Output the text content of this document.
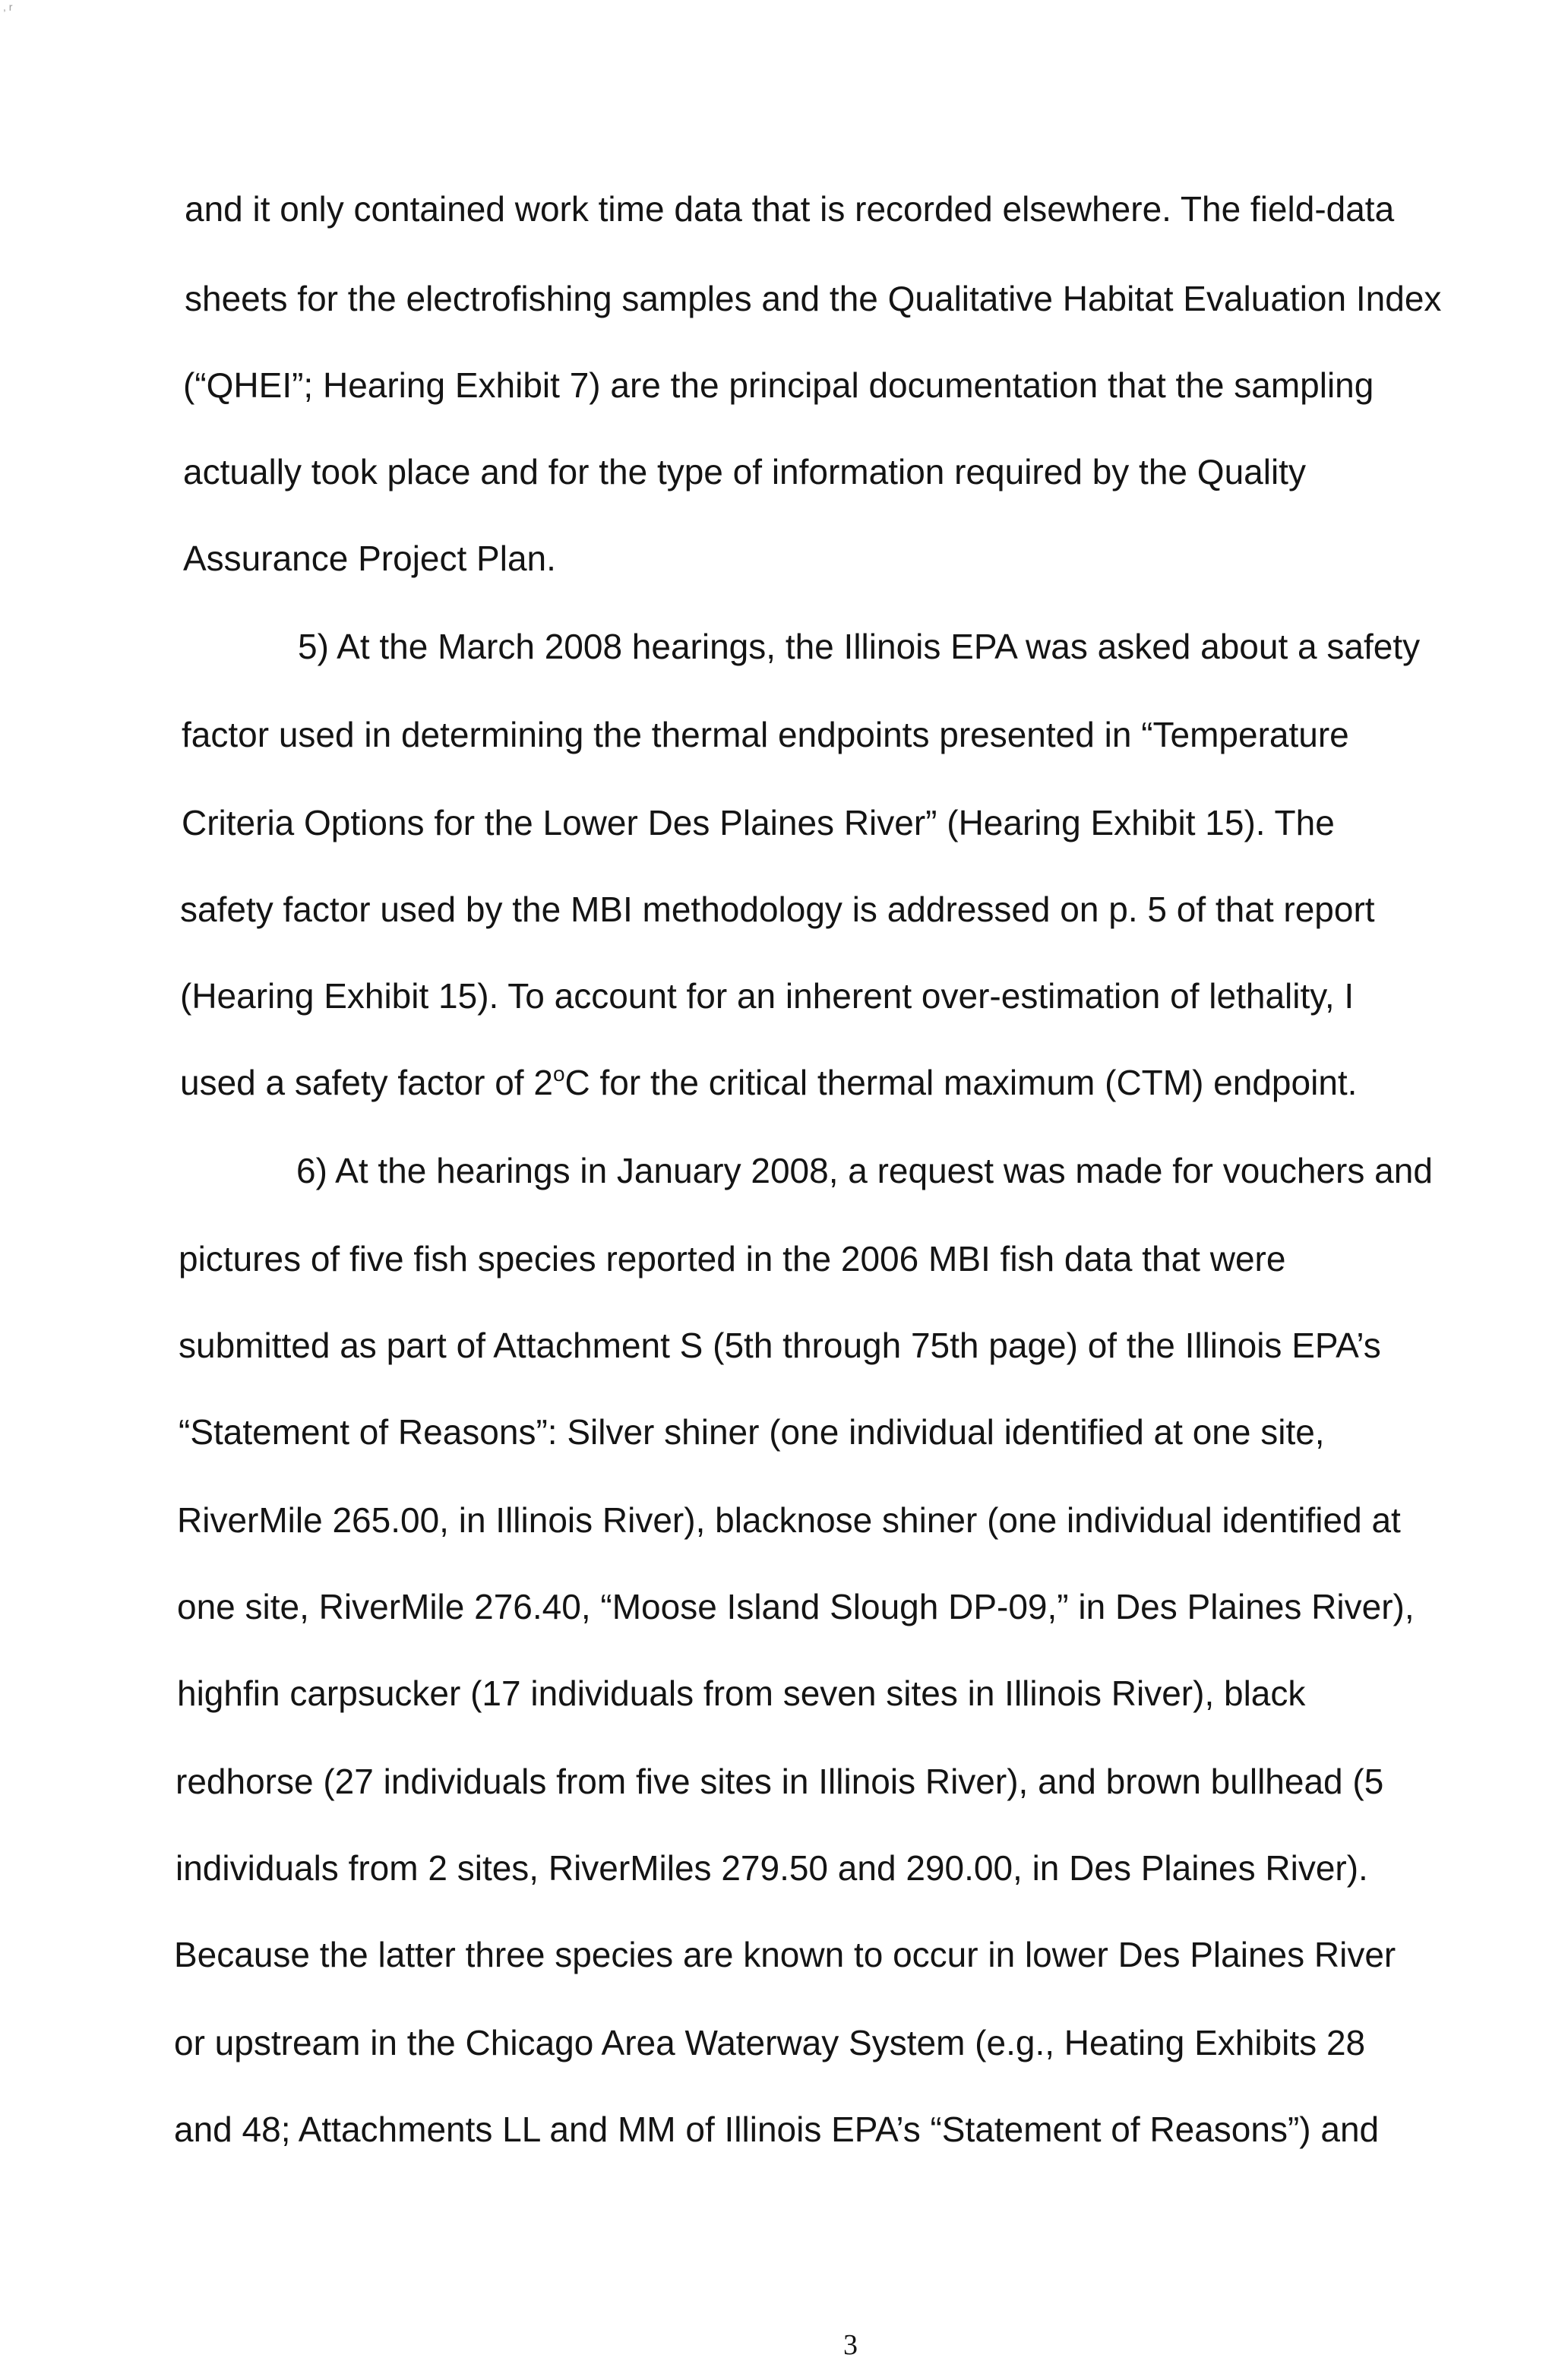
, r
and it only contained work time data that is recorded elsewhere. The field-data
sheets for the electrofishing samples and the Qualitative Habitat Evaluation Index
(“QHEI”; Hearing Exhibit 7) are the principal documentation that the sampling
actually took place and for the type of information required by the Quality
Assurance Project Plan.
5) At the March 2008 hearings, the Illinois EPA was asked about a safety
factor used in determining the thermal endpoints presented in “Temperature
Criteria Options for the Lower Des Plaines River” (Hearing Exhibit 15). The
safety factor used by the MBI methodology is addressed on p. 5 of that report
(Hearing Exhibit 15). To account for an inherent over-estimation of lethality, I
used a safety factor of 2$^o$C for the critical thermal maximum (CTM) endpoint.
6) At the hearings in January 2008, a request was made for vouchers and
pictures of five fish species reported in the 2006 MBI fish data that were
submitted as part of Attachment S (5th through 75th page) of the Illinois EPA’s
“Statement of Reasons”: Silver shiner (one individual identified at one site,
RiverMile 265.00, in Illinois River), blacknose shiner (one individual identified at
one site, RiverMile 276.40, “Moose Island Slough DP-09,” in Des Plaines River),
highfin carpsucker (17 individuals from seven sites in Illinois River), black
redhorse (27 individuals from five sites in Illinois River), and brown bullhead (5
individuals from 2 sites, RiverMiles 279.50 and 290.00, in Des Plaines River).
Because the latter three species are known to occur in lower Des Plaines River
or upstream in the Chicago Area Waterway System (e.g., Heating Exhibits 28
and 48; Attachments LL and MM of Illinois EPA’s “Statement of Reasons”) and
3
